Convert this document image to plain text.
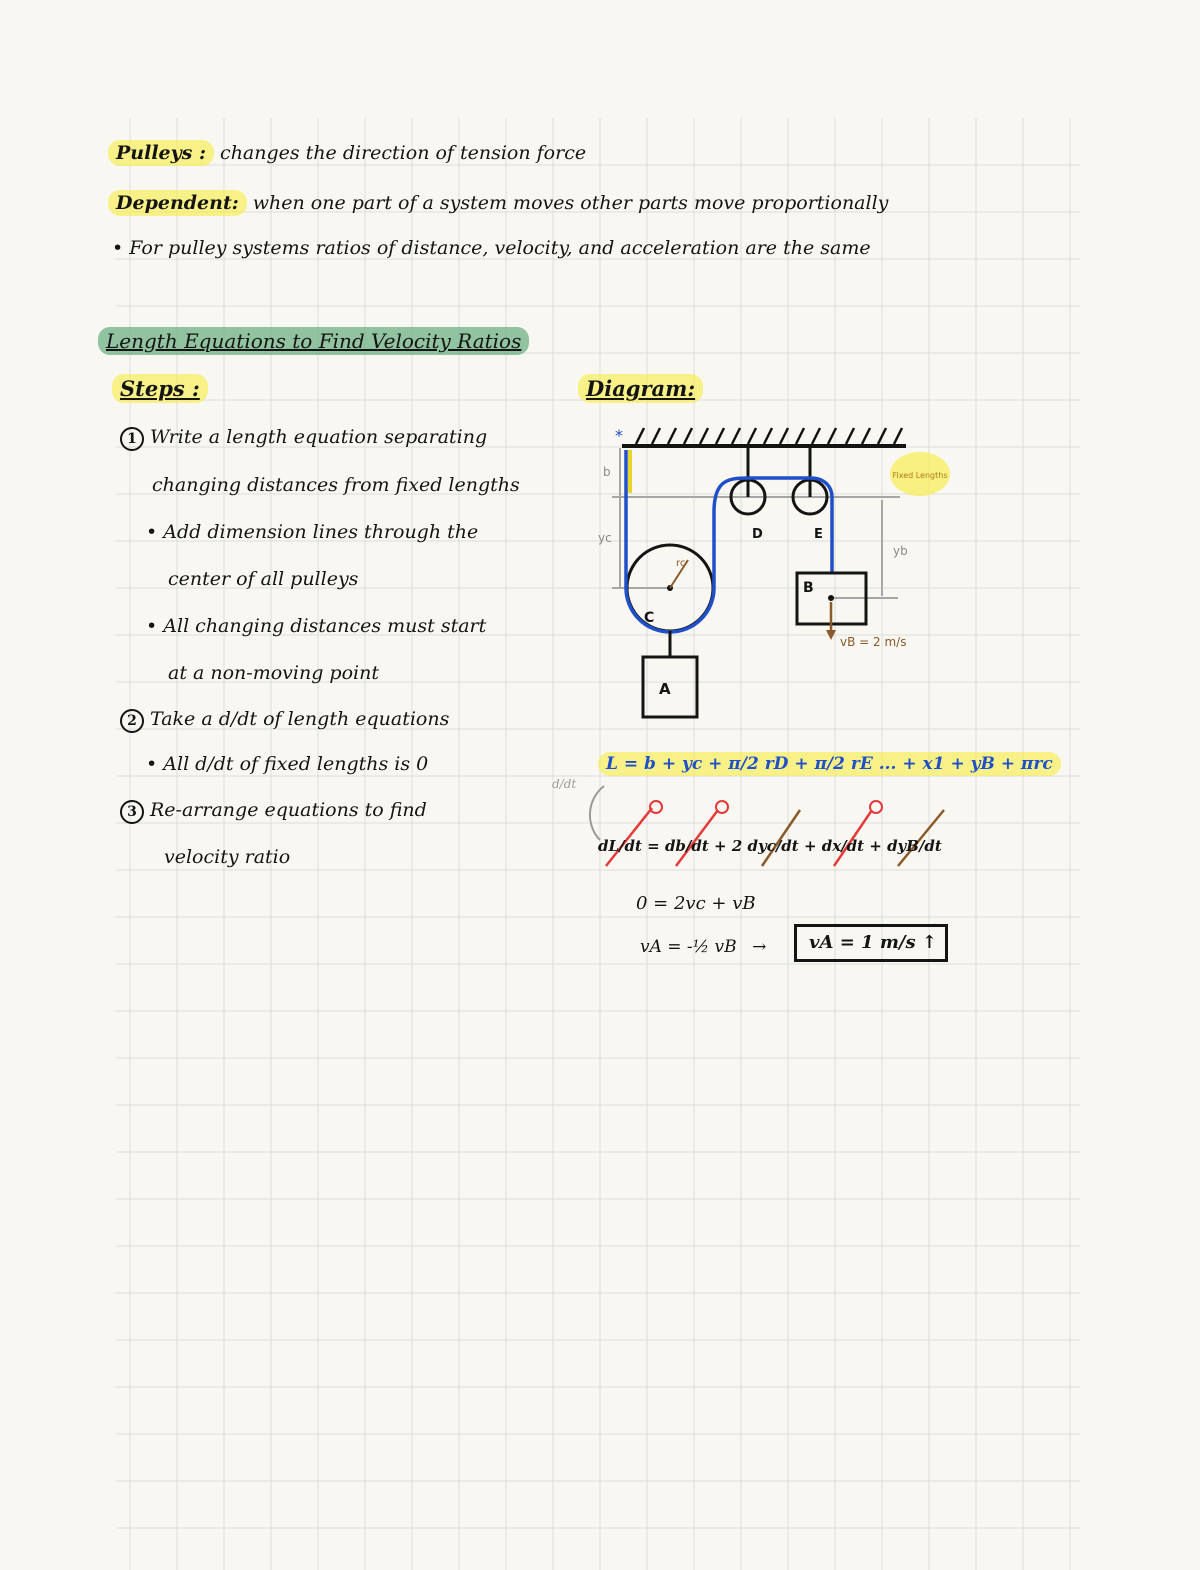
Pulleys : changes the direction of tension force
Dependent: when one part of a system moves other parts move proportionally
• For pulley systems ratios of distance, velocity, and acceleration are the same
Length Equations to Find Velocity Ratios
Steps :
1 Write a length equation separating
changing distances from fixed lengths
• Add dimension lines through the
center of all pulleys
• All changing distances must start
at a non-moving point
2 Take a d/dt of length equations
• All d/dt of fixed lengths is 0
3 Re-arrange equations to find
velocity ratio
Diagram:
*
b
yc
yb
rc
C
D	E
A
B
vB = 2 m/s
Fixed Lengths
L = b + yc + π/2 rD + π/2 rE ... + x1 + yB + πrc
d/dt
dL/dt = db/dt + 2 dyc/dt + dx/dt + dyB/dt
0 = 2vc + vB
vA = -½ vB →	vA = 1 m/s ↑
